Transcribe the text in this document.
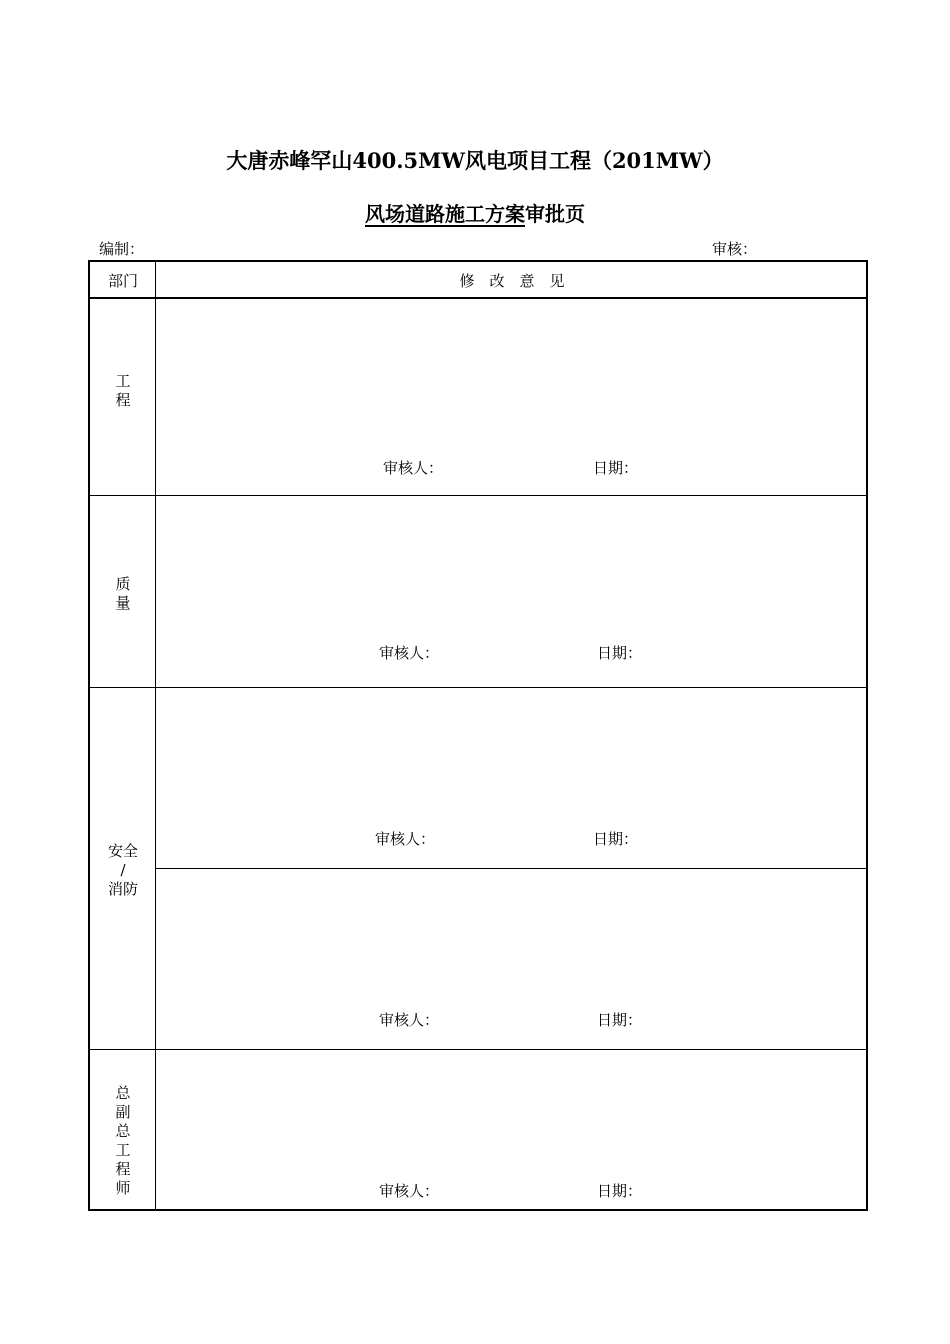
大唐赤峰罕山400.5MW风电项目工程（201MW）
风场道路施工方案审批页
编制：	审核：
部门	修　改　意　见
工
程
审核人：	日期：
质
量
审核人：	日期：
安全
/
消防
审核人：	日期：
审核人：	日期：
总
副
总
工
程
师	审核人：	日期：
